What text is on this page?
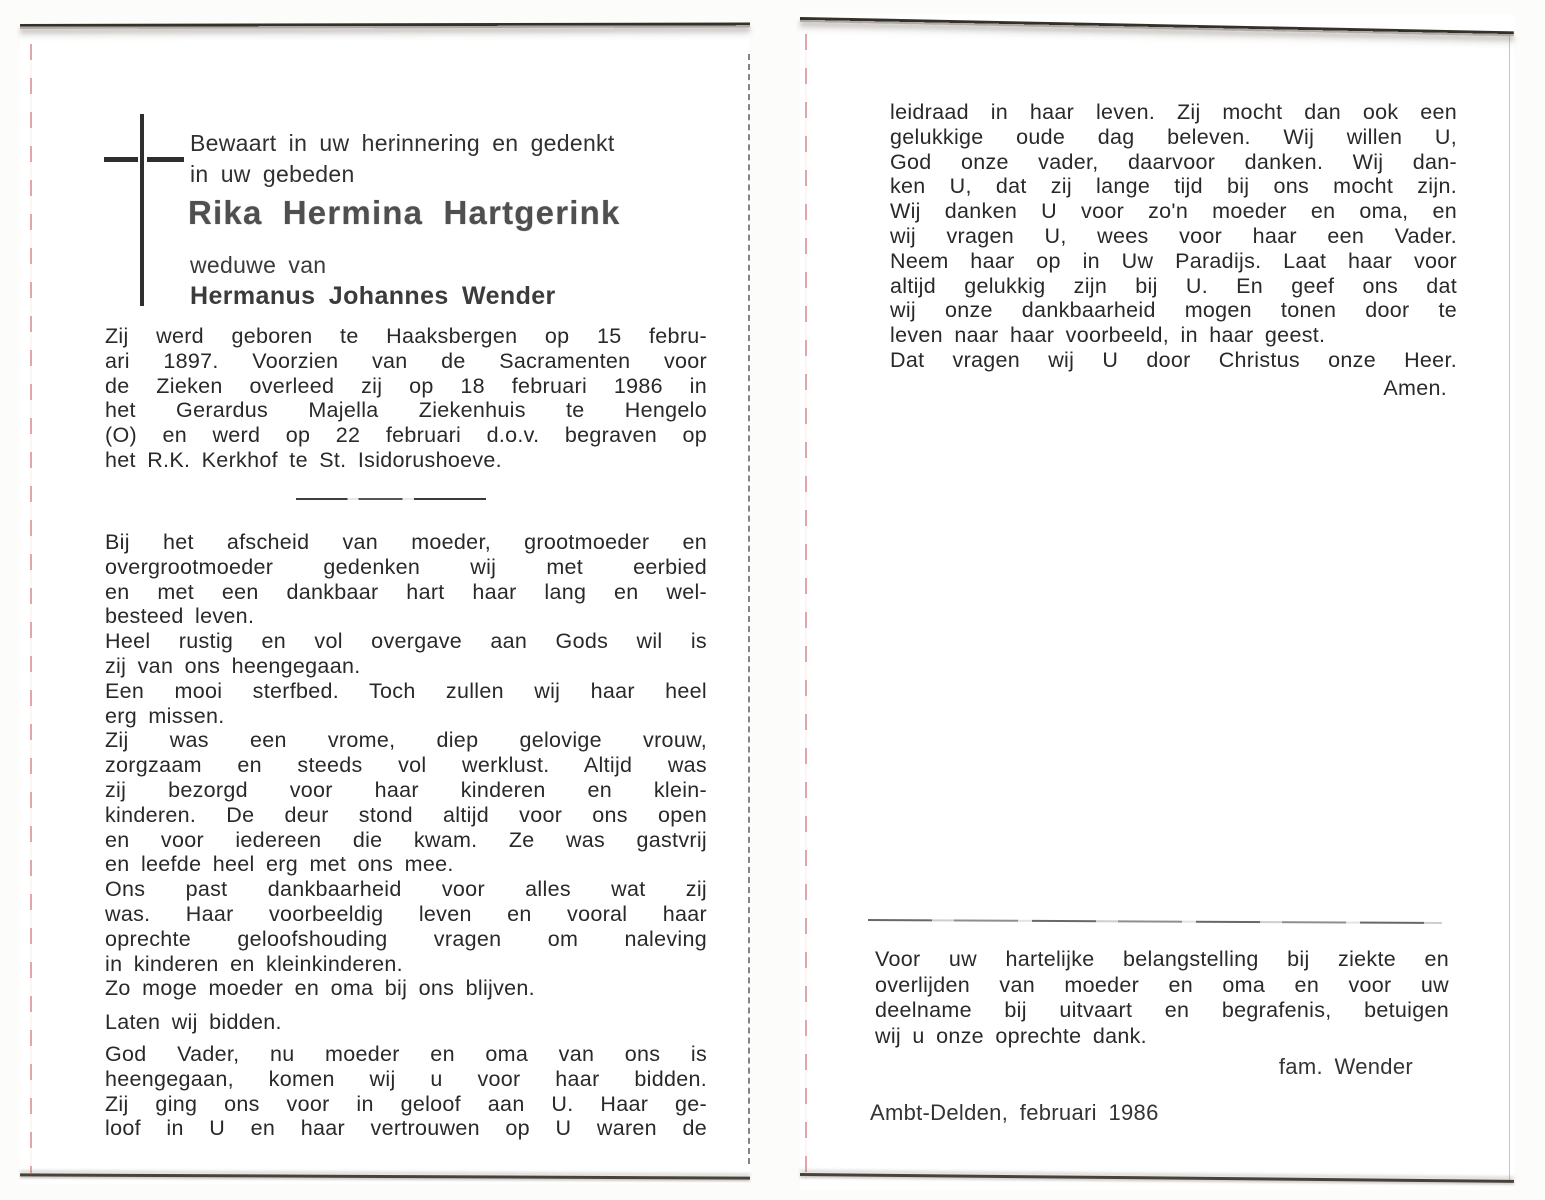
Bewaart in uw herinnering en gedenkt
in uw gebeden
Rika Hermina Hartgerink
weduwe van
Hermanus Johannes Wender
Zij werd geboren te Haaksbergen op 15 febru-
ari 1897. Voorzien van de Sacramenten voor
de Zieken overleed zij op 18 februari 1986 in
het Gerardus Majella Ziekenhuis te Hengelo
(O) en werd op 22 februari d.o.v. begraven op
het R.K. Kerkhof te St. Isidorushoeve.
Bij het afscheid van moeder, grootmoeder en
overgrootmoeder gedenken wij met eerbied
en met een dankbaar hart haar lang en wel-
besteed leven.
Heel rustig en vol overgave aan Gods wil is
zij van ons heengegaan.
Een mooi sterfbed. Toch zullen wij haar heel
erg missen.
Zij was een vrome, diep gelovige vrouw,
zorgzaam en steeds vol werklust. Altijd was
zij bezorgd voor haar kinderen en klein-
kinderen. De deur stond altijd voor ons open
en voor iedereen die kwam. Ze was gastvrij
en leefde heel erg met ons mee.
Ons past dankbaarheid voor alles wat zij
was. Haar voorbeeldig leven en vooral haar
oprechte geloofshouding vragen om naleving
in kinderen en kleinkinderen.
Zo moge moeder en oma bij ons blijven.
Laten wij bidden.
God Vader, nu moeder en oma van ons is
heengegaan, komen wij u voor haar bidden.
Zij ging ons voor in geloof aan U. Haar ge-
loof in U en haar vertrouwen op U waren de
leidraad in haar leven. Zij mocht dan ook een
gelukkige oude dag beleven. Wij willen U,
God onze vader, daarvoor danken. Wij dan-
ken U, dat zij lange tijd bij ons mocht zijn.
Wij danken U voor zo'n moeder en oma, en
wij vragen U, wees voor haar een Vader.
Neem haar op in Uw Paradijs. Laat haar voor
altijd gelukkig zijn bij U. En geef ons dat
wij onze dankbaarheid mogen tonen door te
leven naar haar voorbeeld, in haar geest.
Dat vragen wij U door Christus onze Heer.
Amen.
Voor uw hartelijke belangstelling bij ziekte en
overlijden van moeder en oma en voor uw
deelname bij uitvaart en begrafenis, betuigen
wij u onze oprechte dank.
fam. Wender
Ambt-Delden, februari 1986
